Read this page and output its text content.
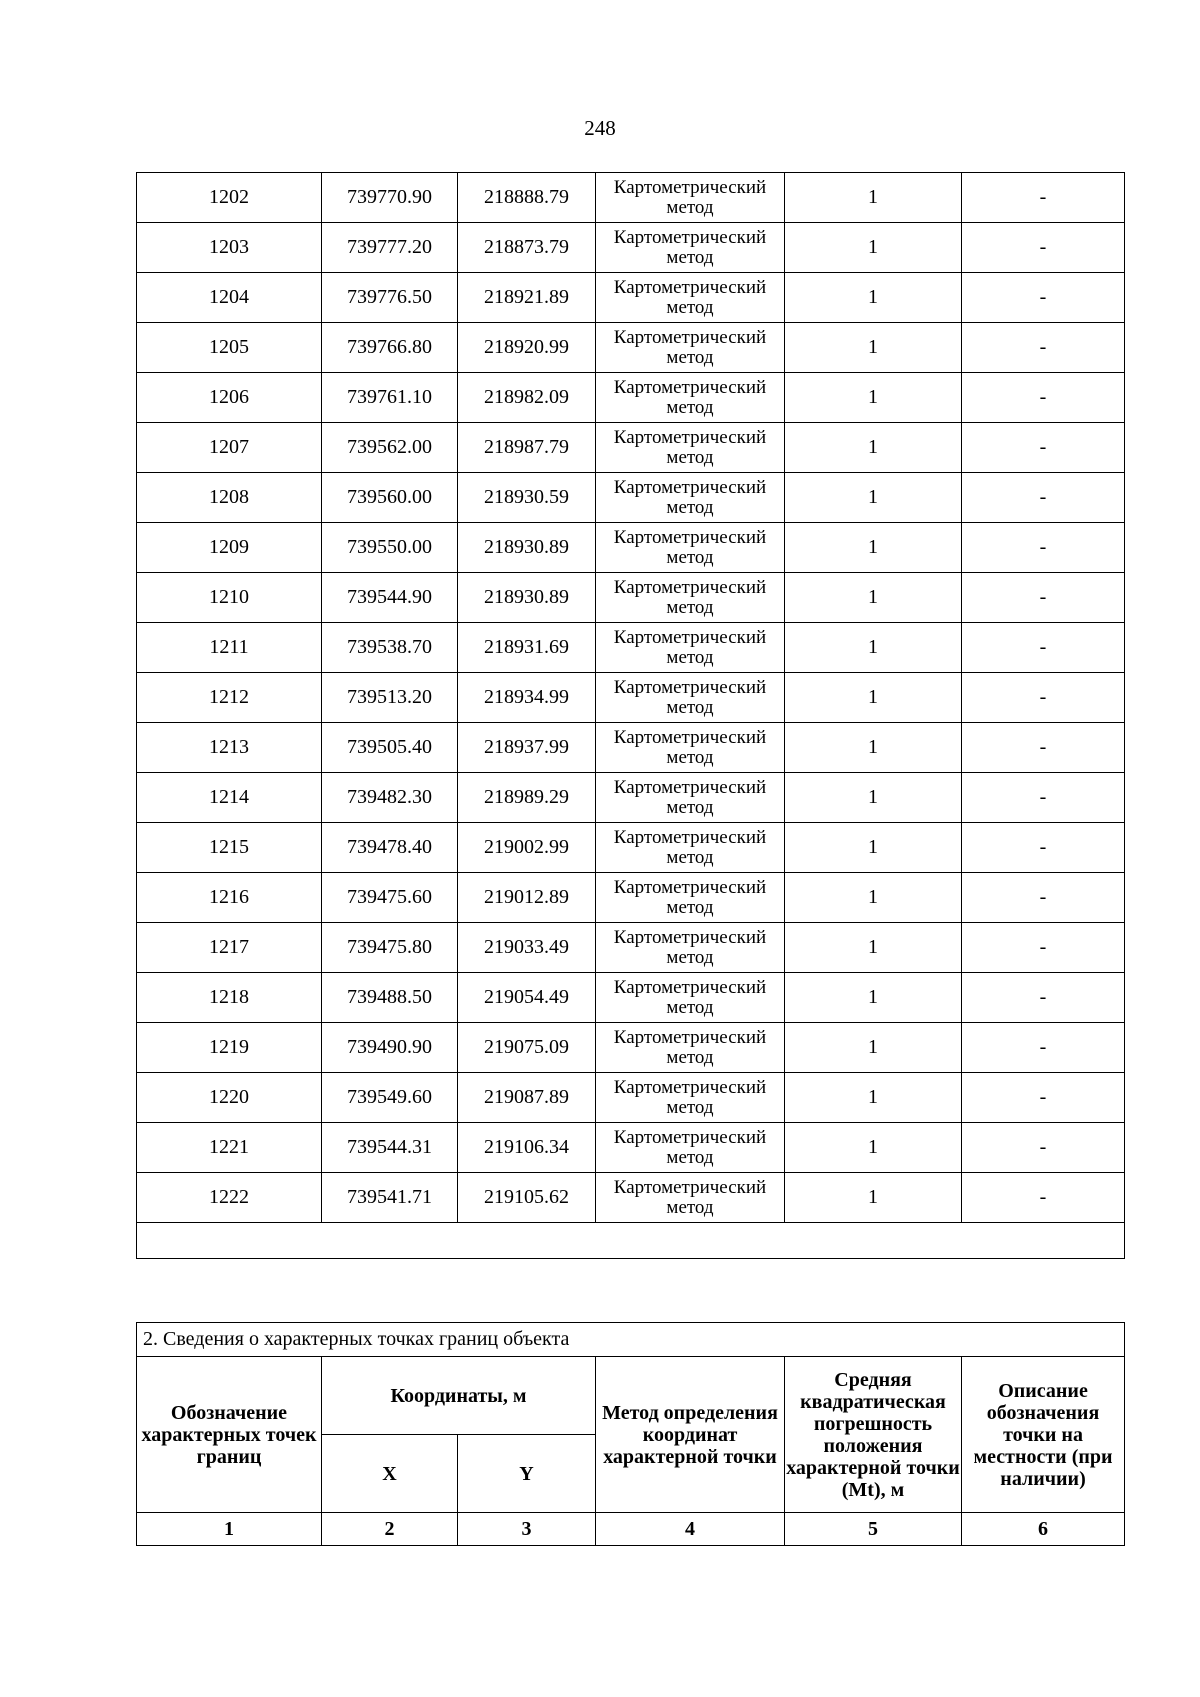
248
1202	739770.90	218888.79	Картометрический метод	1	-
1203	739777.20	218873.79	Картометрический метод	1	-
1204	739776.50	218921.89	Картометрический метод	1	-
1205	739766.80	218920.99	Картометрический метод	1	-
1206	739761.10	218982.09	Картометрический метод	1	-
1207	739562.00	218987.79	Картометрический метод	1	-
1208	739560.00	218930.59	Картометрический метод	1	-
1209	739550.00	218930.89	Картометрический метод	1	-
1210	739544.90	218930.89	Картометрический метод	1	-
1211	739538.70	218931.69	Картометрический метод	1	-
1212	739513.20	218934.99	Картометрический метод	1	-
1213	739505.40	218937.99	Картометрический метод	1	-
1214	739482.30	218989.29	Картометрический метод	1	-
1215	739478.40	219002.99	Картометрический метод	1	-
1216	739475.60	219012.89	Картометрический метод	1	-
1217	739475.80	219033.49	Картометрический метод	1	-
1218	739488.50	219054.49	Картометрический метод	1	-
1219	739490.90	219075.09	Картометрический метод	1	-
1220	739549.60	219087.89	Картометрический метод	1	-
1221	739544.31	219106.34	Картометрический метод	1	-
1222	739541.71	219105.62	Картометрический метод	1	-

2. Сведения о характерных точках границ объекта					
Обозначение характерных точек границ	Координаты, м		Метод определения координат характерной точки	Средняя квадратическая погрешность положения характерной точки (Mt), м	Описание обозначения точки на местности (при наличии)
	X	Y			
1	2	3	4	5	6
